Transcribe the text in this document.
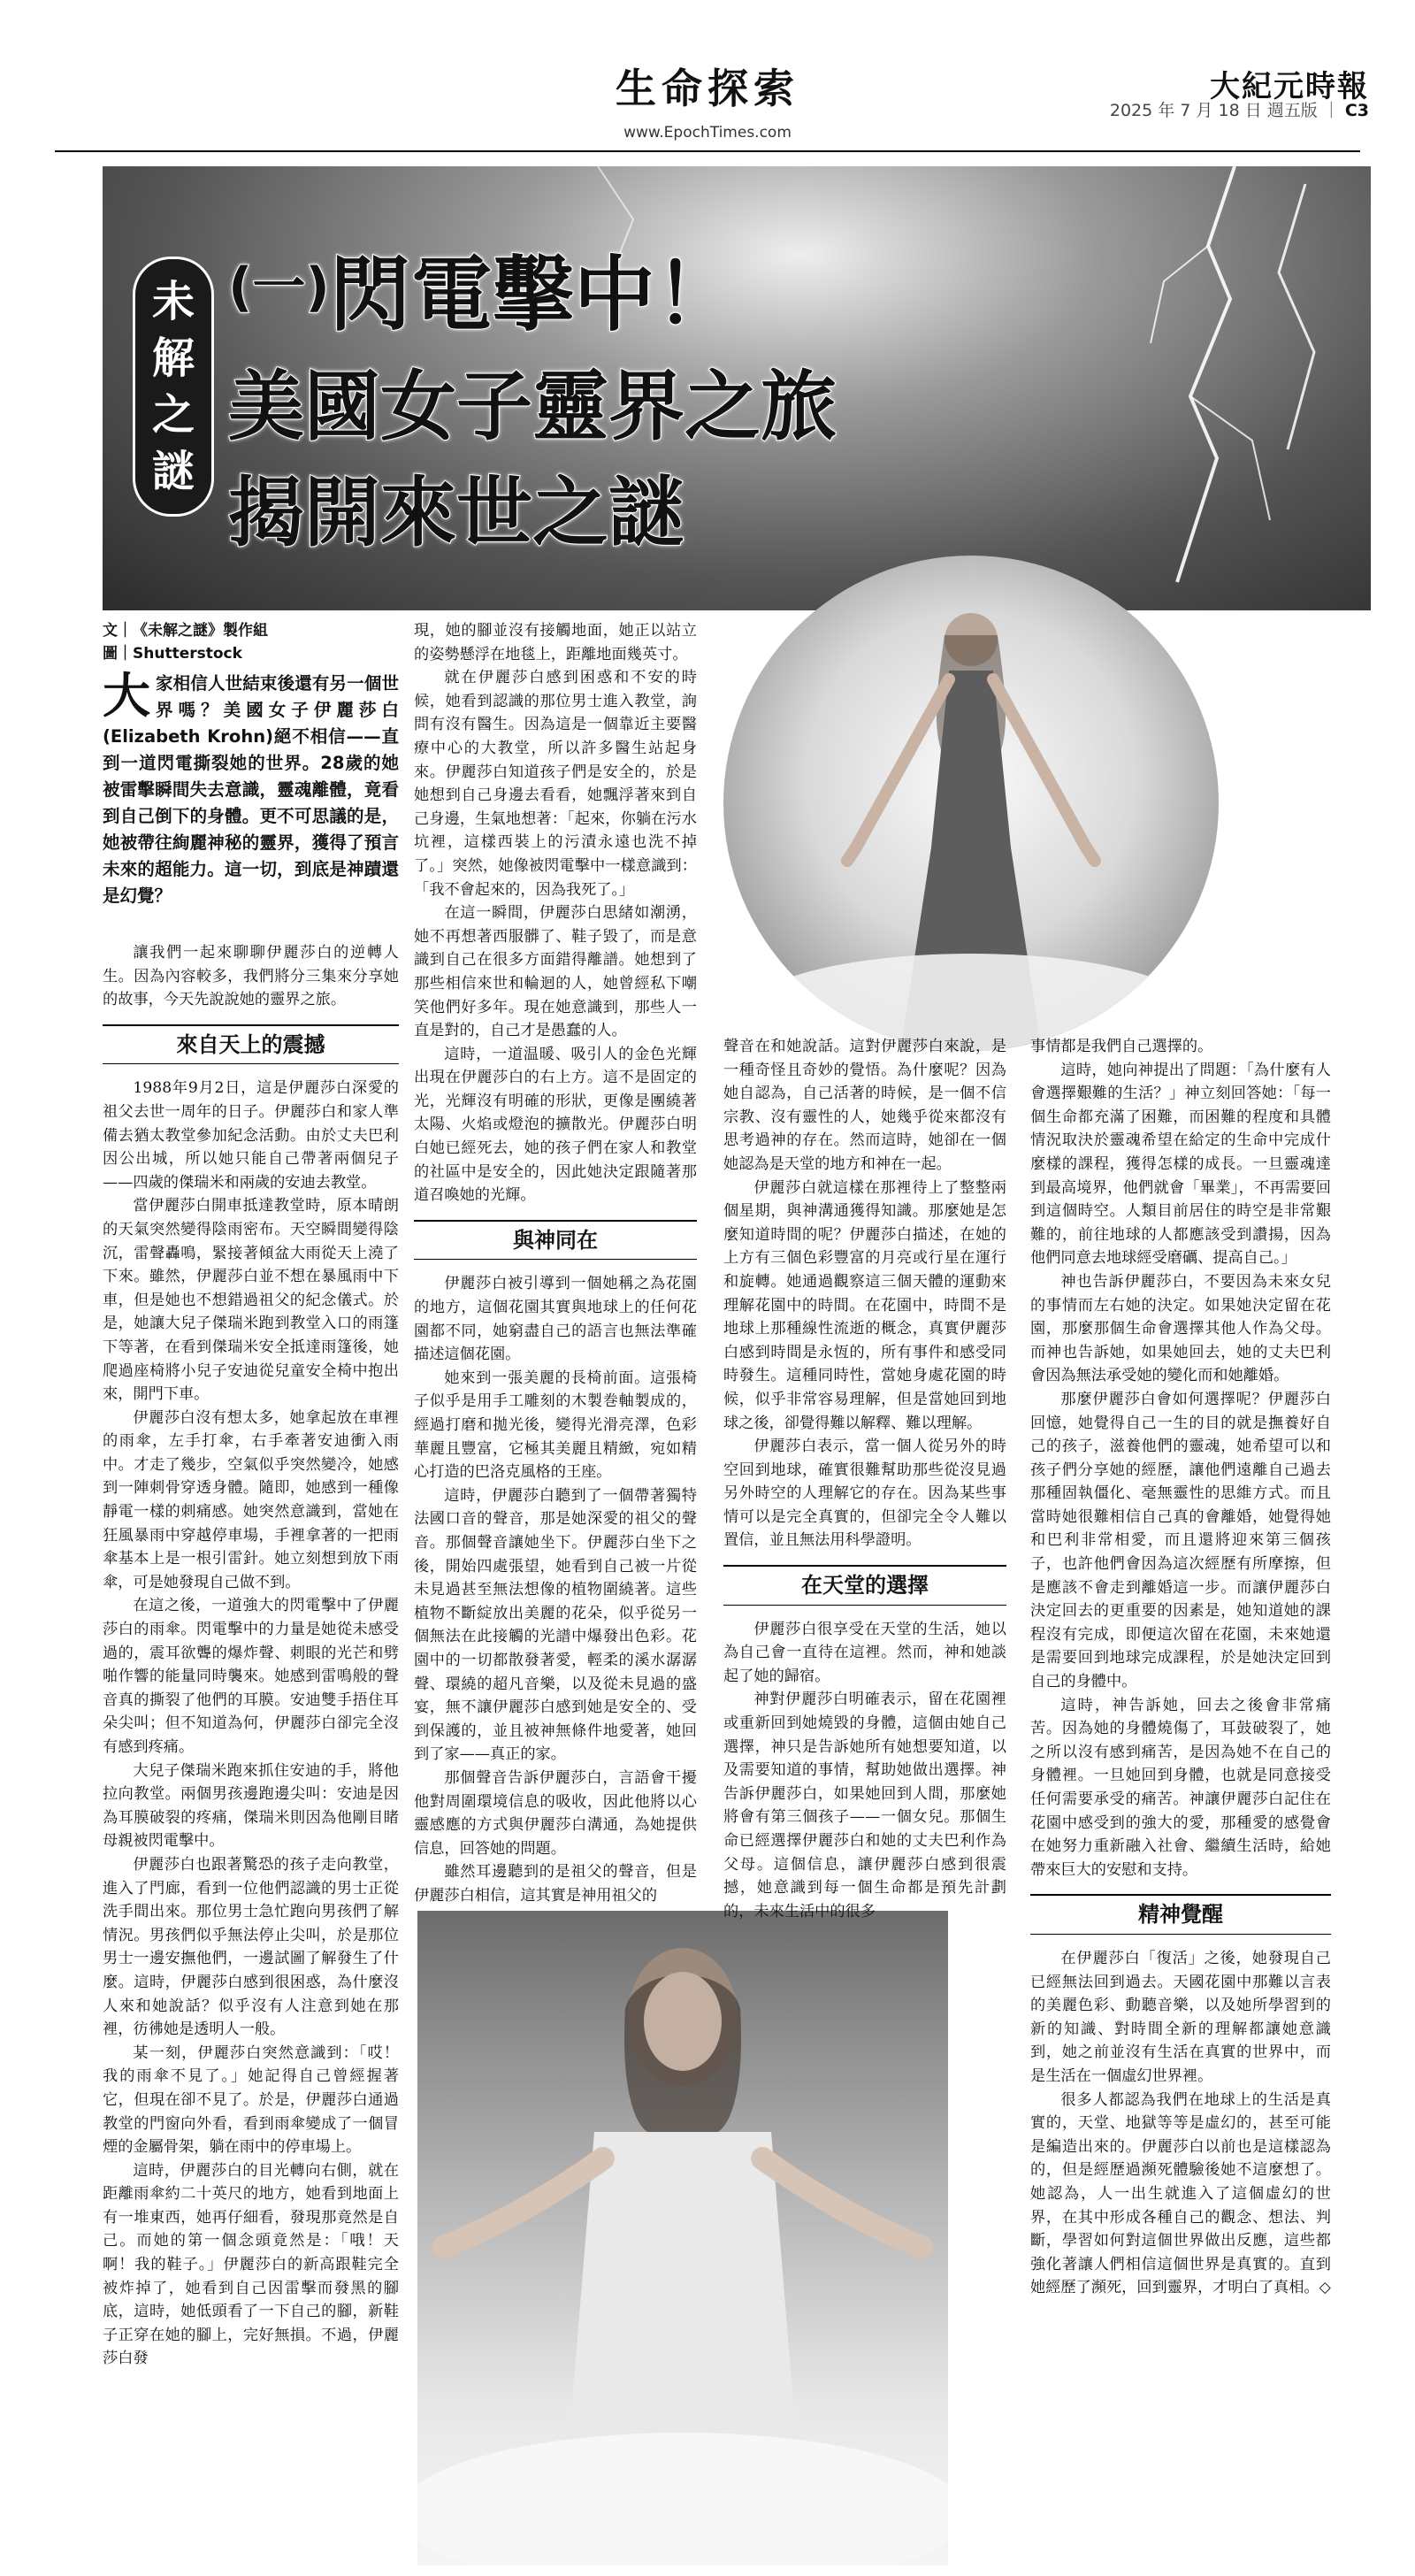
生命探索
www.EpochTimes.com
大紀元時報
2025 年 7 月 18 日 週五版 ｜ C3
未
解
之
謎
$^{(一)}$閃電擊中！
美國女子靈界之旅
揭開來世之謎
文｜《未解之謎》製作組
圖｜Shutterstock

大家相信人世結束後還有另一個世界嗎？美國女子伊麗莎白(Elizabeth Krohn)絕不相信——直到一道閃電撕裂她的世界。28歲的她被雷擊瞬間失去意識，靈魂離體，竟看到自己倒下的身體。更不可思議的是，她被帶往絢麗神秘的靈界，獲得了預言未來的超能力。這一切，到底是神蹟還是幻覺？

讓我們一起來聊聊伊麗莎白的逆轉人生。因為內容較多，我們將分三集來分享她的故事，今天先說說她的靈界之旅。

來自天上的震撼

1988年9月2日，這是伊麗莎白深愛的祖父去世一周年的日子。伊麗莎白和家人準備去猶太教堂參加紀念活動。由於丈夫巴利因公出城，所以她只能自己帶著兩個兒子——四歲的傑瑞米和兩歲的安迪去教堂。

當伊麗莎白開車抵達教堂時，原本晴朗的天氣突然變得陰雨密布。天空瞬間變得陰沉，雷聲轟鳴，緊接著傾盆大雨從天上澆了下來。雖然，伊麗莎白並不想在暴風雨中下車，但是她也不想錯過祖父的紀念儀式。於是，她讓大兒子傑瑞米跑到教堂入口的雨篷下等著，在看到傑瑞米安全抵達雨篷後，她爬過座椅將小兒子安迪從兒童安全椅中抱出來，開門下車。

伊麗莎白沒有想太多，她拿起放在車裡的雨傘，左手打傘，右手牽著安迪衝入雨中。才走了幾步，空氣似乎突然變冷，她感到一陣刺骨穿透身體。隨即，她感到一種像靜電一樣的刺痛感。她突然意識到，當她在狂風暴雨中穿越停車場，手裡拿著的一把雨傘基本上是一根引雷針。她立刻想到放下雨傘，可是她發現自己做不到。

在這之後，一道強大的閃電擊中了伊麗莎白的雨傘。閃電擊中的力量是她從未感受過的，震耳欲聾的爆炸聲、刺眼的光芒和劈啪作響的能量同時襲來。她感到雷鳴般的聲音真的撕裂了他們的耳膜。安迪雙手捂住耳朵尖叫；但不知道為何，伊麗莎白卻完全沒有感到疼痛。

大兒子傑瑞米跑來抓住安迪的手，將他拉向教堂。兩個男孩邊跑邊尖叫：安迪是因為耳膜破裂的疼痛，傑瑞米則因為他剛目睹母親被閃電擊中。

伊麗莎白也跟著驚恐的孩子走向教堂，進入了門廊，看到一位他們認識的男士正從洗手間出來。那位男士急忙跑向男孩們了解情況。男孩們似乎無法停止尖叫，於是那位男士一邊安撫他們，一邊試圖了解發生了什麼。這時，伊麗莎白感到很困惑，為什麼沒人來和她說話？似乎沒有人注意到她在那裡，彷彿她是透明人一般。

某一刻，伊麗莎白突然意識到：「哎！我的雨傘不見了。」她記得自己曾經握著它，但現在卻不見了。於是，伊麗莎白通過教堂的門窗向外看，看到雨傘變成了一個冒煙的金屬骨架，躺在雨中的停車場上。

這時，伊麗莎白的目光轉向右側，就在距離雨傘約二十英尺的地方，她看到地面上有一堆東西，她再仔細看，發現那竟然是自己。而她的第一個念頭竟然是：「哦！天啊！我的鞋子。」伊麗莎白的新高跟鞋完全被炸掉了，她看到自己因雷擊而發黑的腳底，這時，她低頭看了一下自己的腳，新鞋子正穿在她的腳上，完好無損。不過，伊麗莎白發

現，她的腳並沒有接觸地面，她正以站立的姿勢懸浮在地毯上，距離地面幾英寸。

就在伊麗莎白感到困惑和不安的時候，她看到認識的那位男士進入教堂，詢問有沒有醫生。因為這是一個靠近主要醫療中心的大教堂，所以許多醫生站起身來。伊麗莎白知道孩子們是安全的，於是她想到自己身邊去看看，她飄浮著來到自己身邊，生氣地想著：「起來，你躺在污水坑裡，這樣西裝上的污漬永遠也洗不掉了。」突然，她像被閃電擊中一樣意識到：「我不會起來的，因為我死了。」

在這一瞬間，伊麗莎白思緒如潮湧，她不再想著西服髒了、鞋子毀了，而是意識到自己在很多方面錯得離譜。她想到了那些相信來世和輪迴的人，她曾經私下嘲笑他們好多年。現在她意識到，那些人一直是對的，自己才是愚蠢的人。

這時，一道温暖、吸引人的金色光輝出現在伊麗莎白的右上方。這不是固定的光，光輝沒有明確的形狀，更像是團繞著太陽、火焰或燈泡的擴散光。伊麗莎白明白她已經死去，她的孩子們在家人和教堂的社區中是安全的，因此她決定跟隨著那道召喚她的光輝。

與神同在

伊麗莎白被引導到一個她稱之為花園的地方，這個花園其實與地球上的任何花園都不同，她窮盡自己的語言也無法準確描述這個花園。

她來到一張美麗的長椅前面。這張椅子似乎是用手工雕刻的木製巻軸製成的，經過打磨和拋光後，變得光滑亮澤，色彩華麗且豐富，它極其美麗且精緻，宛如精心打造的巴洛克風格的王座。

這時，伊麗莎白聽到了一個帶著獨特法國口音的聲音，那是她深愛的祖父的聲音。那個聲音讓她坐下。伊麗莎白坐下之後，開始四處張望，她看到自己被一片從未見過甚至無法想像的植物圍繞著。這些植物不斷綻放出美麗的花朵，似乎從另一個無法在此接觸的光譜中爆發出色彩。花園中的一切都散發著愛，輕柔的溪水潺潺聲、環繞的超凡音樂，以及從未見過的盛宴，無不讓伊麗莎白感到她是安全的、受到保護的，並且被神無條件地愛著，她回到了家——真正的家。

那個聲音告訴伊麗莎白，言語會干擾他對周圍環境信息的吸收，因此他將以心靈感應的方式與伊麗莎白溝通，為她提供信息，回答她的問題。

雖然耳邊聽到的是祖父的聲音，但是伊麗莎白相信，這其實是神用祖父的

聲音在和她說話。這對伊麗莎白來說，是一種奇怪且奇妙的覺悟。為什麼呢？因為她自認為，自己活著的時候，是一個不信宗教、沒有靈性的人，她幾乎從來都沒有思考過神的存在。然而這時，她卻在一個她認為是天堂的地方和神在一起。

伊麗莎白就這樣在那裡待上了整整兩個星期，與神溝通獲得知識。那麼她是怎麼知道時間的呢？伊麗莎白描述，在她的上方有三個色彩豐富的月亮或行星在運行和旋轉。她通過觀察這三個天體的運動來理解花園中的時間。在花園中，時間不是地球上那種線性流逝的概念，真實伊麗莎白感到時間是永恆的，所有事件和感受同時發生。這種同時性，當她身處花園的時候，似乎非常容易理解，但是當她回到地球之後，卻覺得難以解釋、難以理解。

伊麗莎白表示，當一個人從另外的時空回到地球，確實很難幫助那些從沒見過另外時空的人理解它的存在。因為某些事情可以是完全真實的，但卻完全令人難以置信，並且無法用科學證明。

在天堂的選擇

伊麗莎白很享受在天堂的生活，她以為自己會一直待在這裡。然而，神和她談起了她的歸宿。

神對伊麗莎白明確表示，留在花園裡或重新回到她燒毀的身體，這個由她自己選擇，神只是告訴她所有她想要知道，以及需要知道的事情，幫助她做出選擇。神告訴伊麗莎白，如果她回到人間，那麼她將會有第三個孩子——一個女兒。那個生命已經選擇伊麗莎白和她的丈夫巴利作為父母。這個信息，讓伊麗莎白感到很震撼，她意識到每一個生命都是預先計劃的，未來生活中的很多

事情都是我們自己選擇的。

這時，她向神提出了問題：「為什麼有人會選擇艱難的生活？」神立刻回答她：「每一個生命都充滿了困難，而困難的程度和具體情況取決於靈魂希望在給定的生命中完成什麼樣的課程，獲得怎樣的成長。一旦靈魂達到最高境界，他們就會「畢業」，不再需要回到這個時空。人類目前居住的時空是非常艱難的，前往地球的人都應該受到讚揚，因為他們同意去地球經受磨礪、提高自己。」

神也告訴伊麗莎白，不要因為未來女兒的事情而左右她的決定。如果她決定留在花園，那麼那個生命會選擇其他人作為父母。而神也告訴她，如果她回去，她的丈夫巴利會因為無法承受她的變化而和她離婚。

那麼伊麗莎白會如何選擇呢？伊麗莎白回憶，她覺得自己一生的目的就是撫養好自己的孩子，滋養他們的靈魂，她希望可以和孩子們分享她的經歷，讓他們遠離自己過去那種固執僵化、毫無靈性的思維方式。而且當時她很難相信自己真的會離婚，她覺得她和巴利非常相愛，而且還將迎來第三個孩子，也許他們會因為這次經歷有所摩擦，但是應該不會走到離婚這一步。而讓伊麗莎白決定回去的更重要的因素是，她知道她的課程沒有完成，即便這次留在花園，未來她還是需要回到地球完成課程，於是她決定回到自己的身體中。

這時，神告訴她，回去之後會非常痛苦。因為她的身體燒傷了，耳鼓破裂了，她之所以沒有感到痛苦，是因為她不在自己的身體裡。一旦她回到身體，也就是同意接受任何需要承受的痛苦。神讓伊麗莎白記住在花園中感受到的強大的愛，那種愛的感覺會在她努力重新融入社會、繼續生活時，給她帶來巨大的安慰和支持。

精神覺醒

在伊麗莎白「復活」之後，她發現自己已經無法回到過去。天國花園中那難以言表的美麗色彩、動聽音樂，以及她所學習到的新的知識、對時間全新的理解都讓她意識到，她之前並沒有生活在真實的世界中，而是生活在一個虛幻世界裡。

很多人都認為我們在地球上的生活是真實的，天堂、地獄等等是虛幻的，甚至可能是編造出來的。伊麗莎白以前也是這樣認為的，但是經歷過瀕死體驗後她不這麼想了。她認為，人一出生就進入了這個虛幻的世界，在其中形成各種自己的觀念、想法、判斷，學習如何對這個世界做出反應，這些都強化著讓人們相信這個世界是真實的。直到她經歷了瀕死，回到靈界，才明白了真相。◇
